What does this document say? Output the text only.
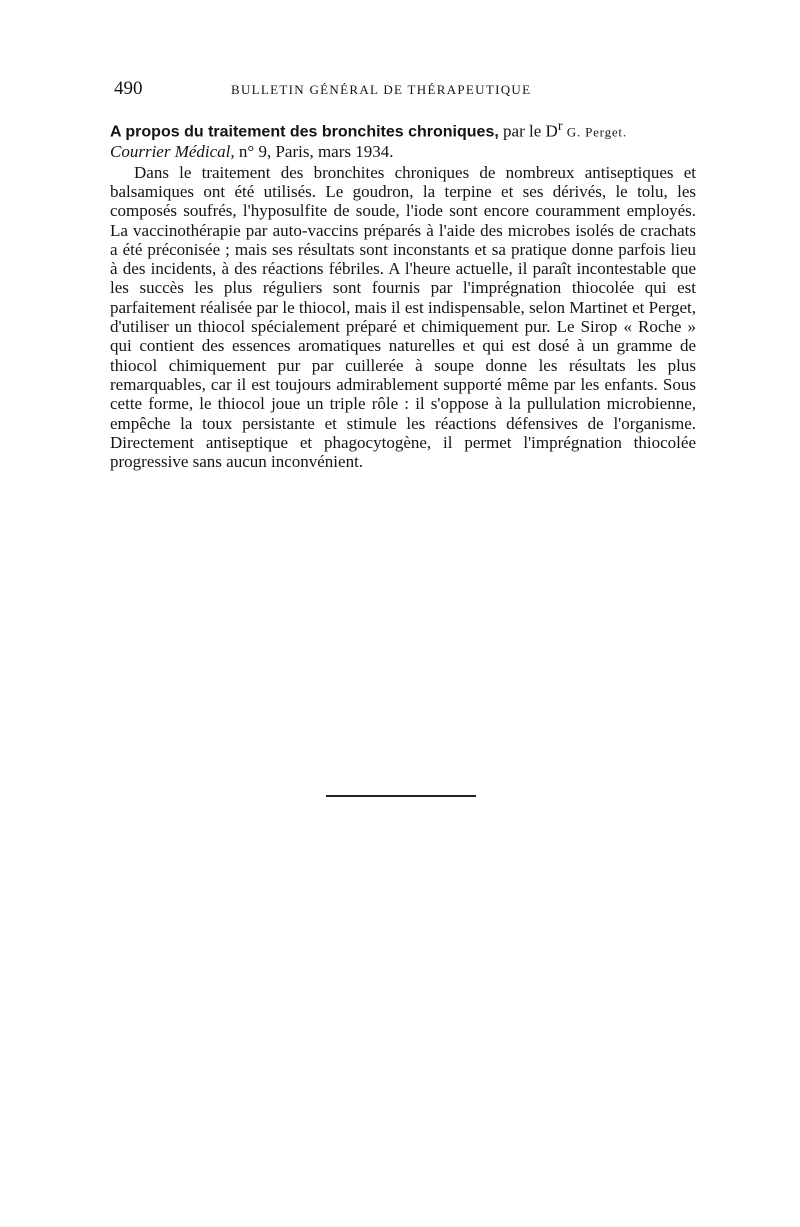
490	BULLETIN GÉNÉRAL DE THÉRAPEUTIQUE
A propos du traitement des bronchites chroniques, par le $D^r$ G. Perget.
Courrier Médical, n° 9, Paris, mars 1934.

Dans le traitement des bronchites chroniques de nombreux antiseptiques et balsamiques ont été utilisés. Le goudron, la terpine et ses dérivés, le tolu, les composés soufrés, l'hyposulfite de soude, l'iode sont encore couramment employés. La vaccinothérapie par auto-vaccins préparés à l'aide des microbes isolés de crachats a été préconisée ; mais ses résultats sont inconstants et sa pratique donne parfois lieu à des incidents, à des réactions fébriles. A l'heure actuelle, il paraît incontestable que les succès les plus réguliers sont fournis par l'imprégnation thiocolée qui est parfaitement réalisée par le thiocol, mais il est indispensable, selon Martinet et Perget, d'utiliser un thiocol spécialement préparé et chimiquement pur. Le Sirop « Roche » qui contient des essences aromatiques naturelles et qui est dosé à un gramme de thiocol chimiquement pur par cuillerée à soupe donne les résultats les plus remarquables, car il est toujours admirablement supporté même par les enfants. Sous cette forme, le thiocol joue un triple rôle : il s'oppose à la pullulation microbienne, empêche la toux persistante et stimule les réactions défensives de l'organisme. Directement antiseptique et phagocytogène, il permet l'imprégnation thiocolée progressive sans aucun inconvénient.
